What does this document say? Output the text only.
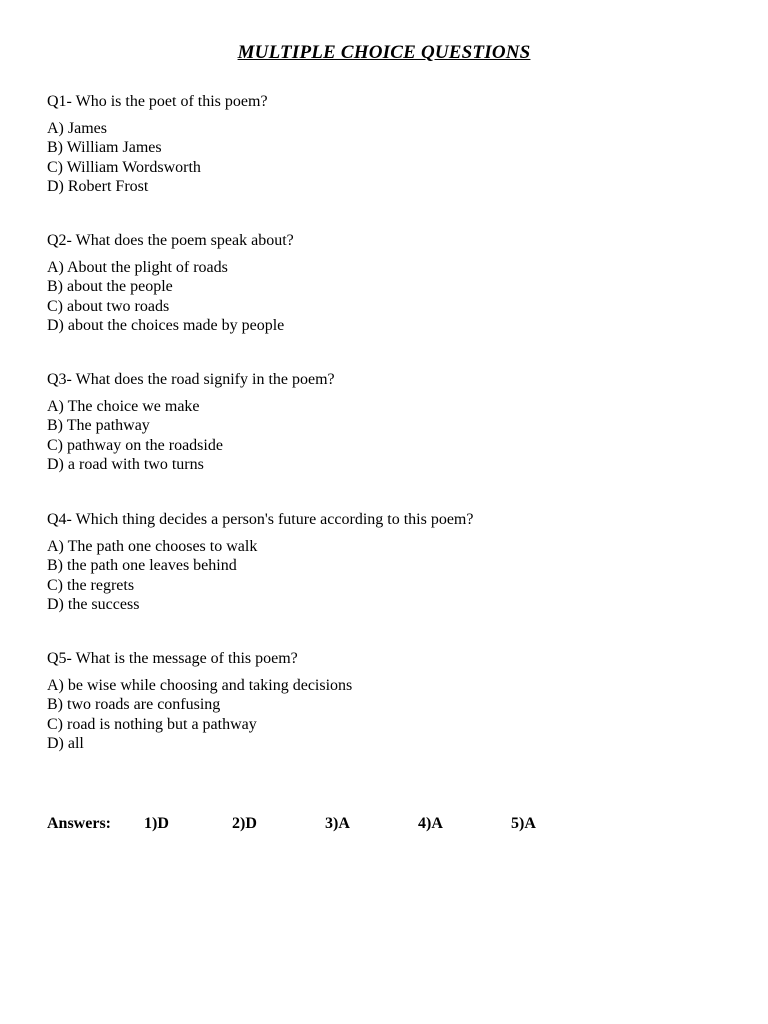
MULTIPLE CHOICE QUESTIONS
Q1- Who is the poet of this poem?
A) James
B) William James
C) William Wordsworth
D) Robert Frost
Q2- What does the poem speak about?
A) About the plight of roads
B) about the people
C) about two roads
D) about the choices made by people
Q3- What does the road signify in the poem?
A) The choice we make
B) The pathway
C) pathway on the roadside
D) a road with two turns
Q4- Which thing decides a person's future according to this poem?
A) The path one chooses to walk
B) the path one leaves behind
C) the regrets
D) the success
Q5- What is the message of this poem?
A) be wise while choosing and taking decisions
B) two roads are confusing
C) road is nothing but a pathway
D) all
Answers: 1)D	2)D	3)A	4)A	5)A
